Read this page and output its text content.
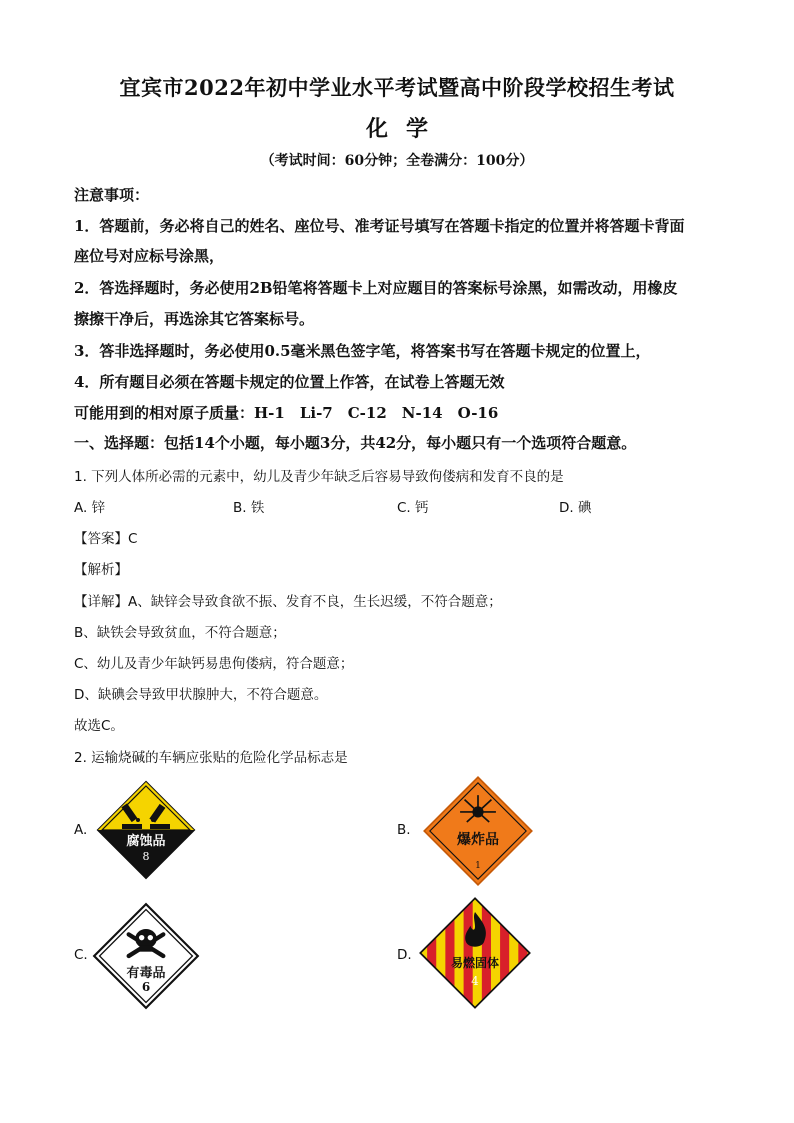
宜宾市2022年初中学业水平考试暨高中阶段学校招生考试
化学
（考试时间：60分钟；全卷满分：100分）
注意事项：
1．答题前，务必将自己的姓名、座位号、准考证号填写在答题卡指定的位置并将答题卡背面
座位号对应标号涂黑，
2．答选择题时，务必使用2B铅笔将答题卡上对应题目的答案标号涂黑，如需改动，用橡皮
擦擦干净后，再选涂其它答案标号。
3．答非选择题时，务必使用0.5毫米黑色签字笔，将答案书写在答题卡规定的位置上，
4．所有题目必须在答题卡规定的位置上作答，在试卷上答题无效
可能用到的相对原子质量：H-1　Li-7　C-12　N-14　O-16
一、选择题：包括14个小题，每小题3分，共42分，每小题只有一个选项符合题意。
1. 下列人体所必需的元素中，幼儿及青少年缺乏后容易导致佝偻病和发育不良的是
A. 锌	B. 铁	C. 钙	D. 碘
【答案】C
【解析】
【详解】A、缺锌会导致食欲不振、发育不良，生长迟缓，不符合题意；
B、缺铁会导致贫血，不符合题意；
C、幼儿及青少年缺钙易患佝偻病，符合题意；
D、缺碘会导致甲状腺肿大，不符合题意。
故选C。
2. 运输烧碱的车辆应张贴的危险化学品标志是
A.
腐蚀品
8
B.
爆炸品
1
C.
有毒品
6
D.	易燃固体
4
